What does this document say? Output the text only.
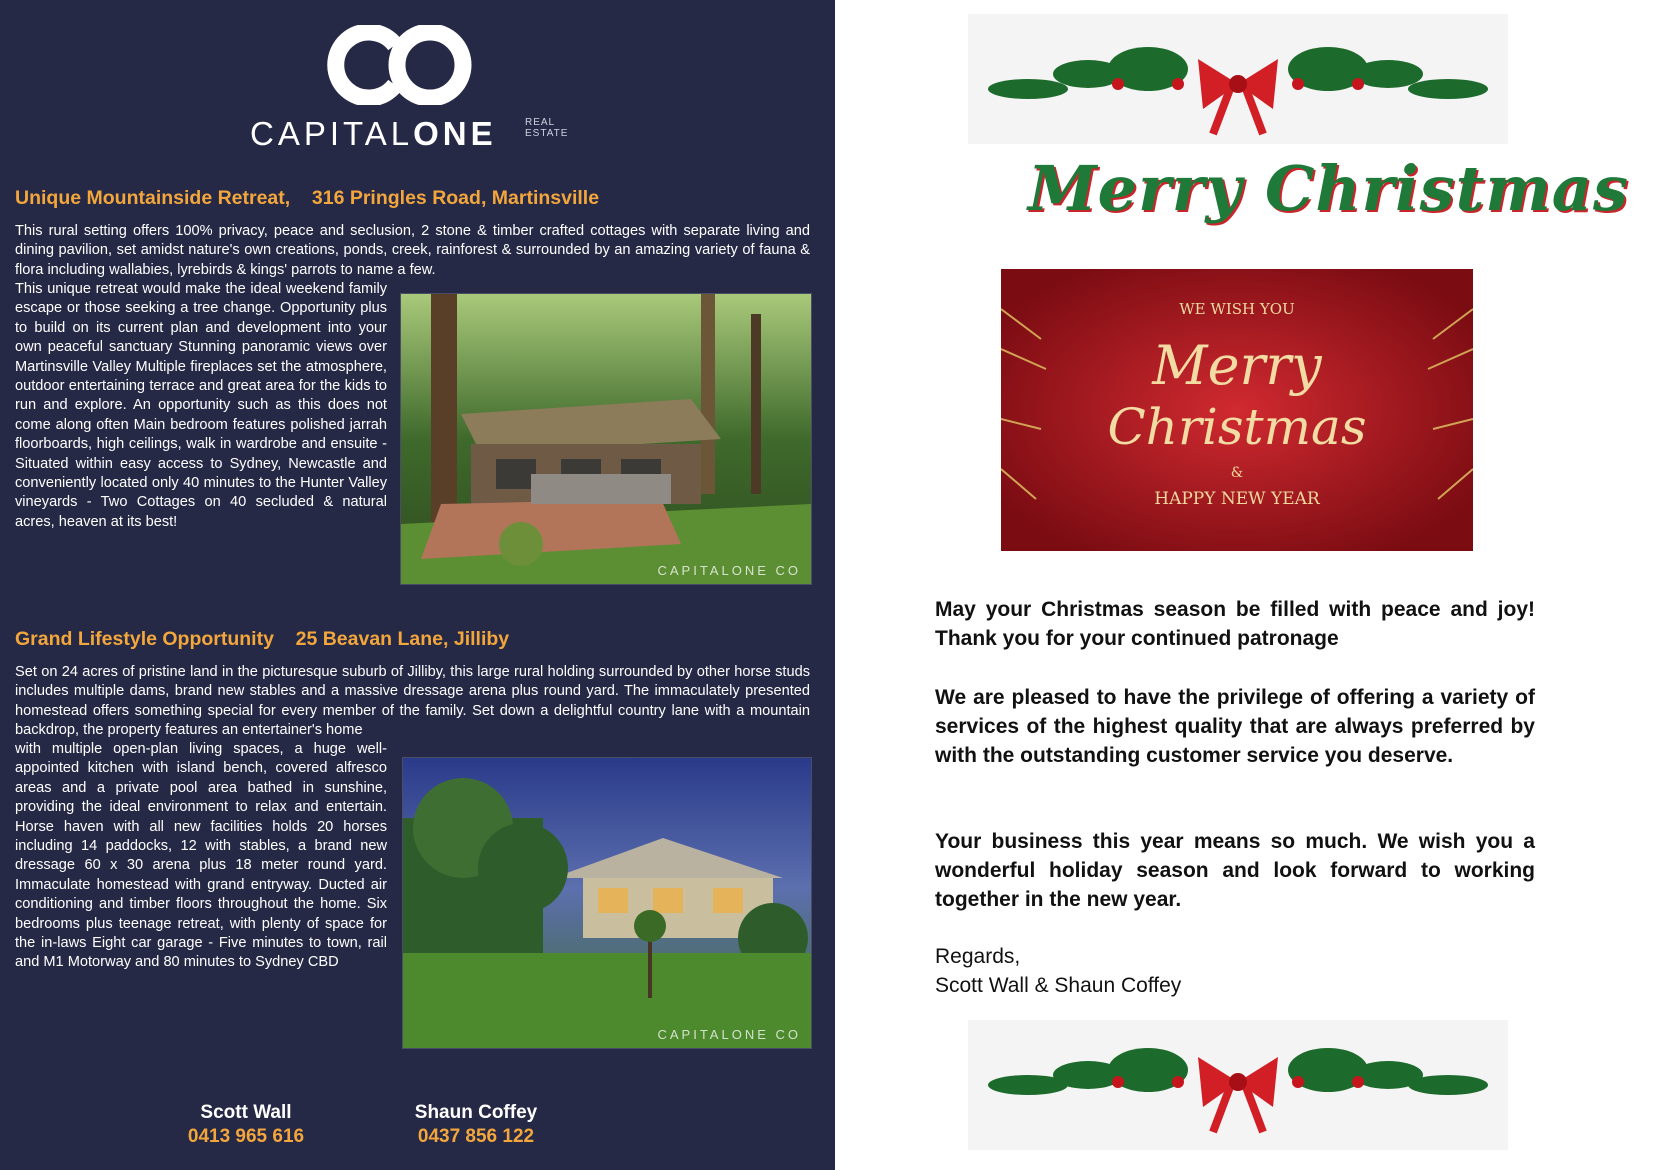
CAPITALONE	REAL
ESTATE
Unique Mountainside Retreat, 316 Pringles Road, Martinsville
This rural setting offers 100% privacy, peace and seclusion, 2 stone & timber crafted cottages with separate living and dining pavilion, set amidst nature's own creations, ponds, creek, rainforest & surrounded by an amazing variety of fauna & flora including wallabies, lyrebirds & kings' parrots to name a few.
This unique retreat would make the ideal weekend family escape or those seeking a tree change. Opportunity plus to build on its current plan and development into your own peaceful sanctuary Stunning panoramic views over Martinsville Valley Multiple fireplaces set the atmosphere, outdoor entertaining terrace and great area for the kids to run and explore. An opportunity such as this does not come along often Main bedroom features polished jarrah floorboards, high ceilings, walk in wardrobe and ensuite - Situated within easy access to Sydney, Newcastle and conveniently located only 40 minutes to the Hunter Valley vineyards - Two Cottages on 40 secluded & natural acres, heaven at its best!
CAPITALONE CO
Grand Lifestyle Opportunity 25 Beavan Lane, Jilliby
Set on 24 acres of pristine land in the picturesque suburb of Jilliby, this large rural holding surrounded by other horse studs includes multiple dams, brand new stables and a massive dressage arena plus round yard. The immaculately presented homestead offers something special for every member of the family. Set down a delightful country lane with a mountain backdrop, the property features an entertainer's home
with multiple open-plan living spaces, a huge well-appointed kitchen with island bench, covered alfresco areas and a private pool area bathed in sunshine, providing the ideal environment to relax and entertain. Horse haven with all new facilities holds 20 horses including 14 paddocks, 12 with stables, a brand new dressage 60 x 30 arena plus 18 meter round yard. Immaculate homestead with grand entryway. Ducted air conditioning and timber floors throughout the home. Six bedrooms plus teenage retreat, with plenty of space for the in-laws Eight car garage - Five minutes to town, rail and M1 Motorway and 80 minutes to Sydney CBD
CAPITALONE CO
Scott Wall
0413 965 616
Shaun Coffey
0437 856 122
Merry Christmas
WE WISH YOU
Merry
Christmas
&
HAPPY NEW YEAR
May your Christmas season be filled with peace and joy! Thank you for your continued patronage
We are pleased to have the privilege of offering a variety of services of the highest quality that are always preferred by with the outstanding customer service you deserve.
Your business this year means so much. We wish you a wonderful holiday season and look forward to working together in the new year.
Regards,
Scott Wall & Shaun Coffey
